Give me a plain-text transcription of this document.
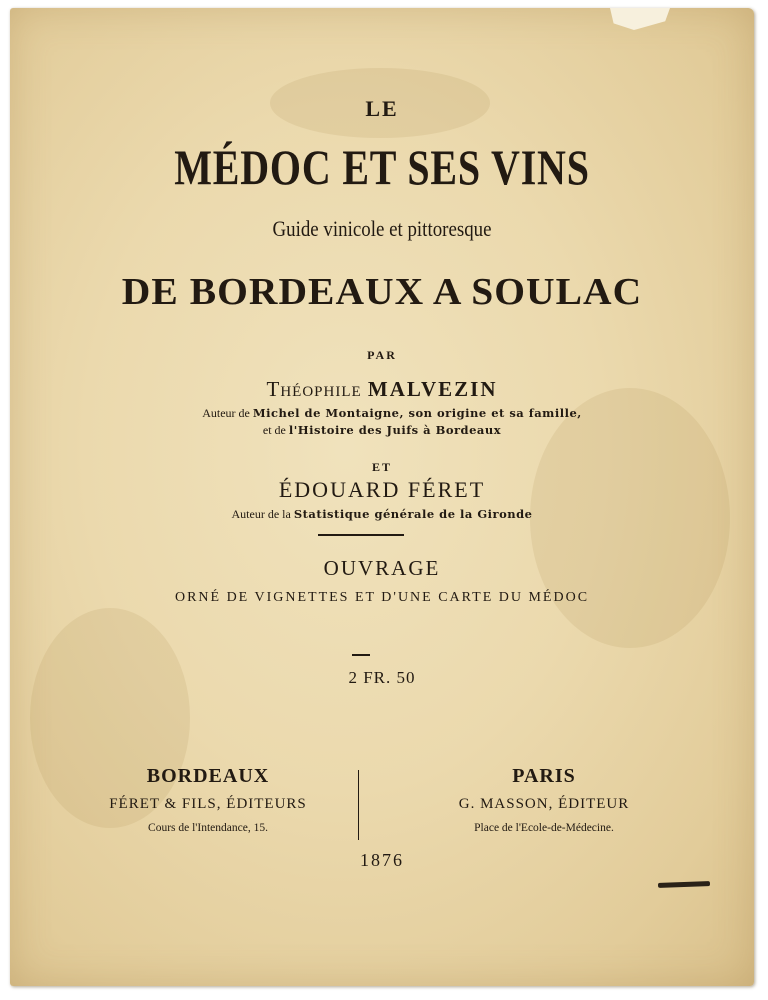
LE
MÉDOC ET SES VINS
Guide vinicole et pittoresque
DE BORDEAUX A SOULAC
PAR
Théophile MALVEZIN
Auteur de Michel de Montaigne, son origine et sa famille,
et de l'Histoire des Juifs à Bordeaux
ET
ÉDOUARD FÉRET
Auteur de la Statistique générale de la Gironde
OUVRAGE
ORNÉ DE VIGNETTES ET D'UNE CARTE DU MÉDOC
2 FR. 50
BORDEAUX
FÉRET & FILS, ÉDITEURS
Cours de l'Intendance, 15.
PARIS
G. MASSON, ÉDITEUR
Place de l'Ecole-de-Médecine.
1876
